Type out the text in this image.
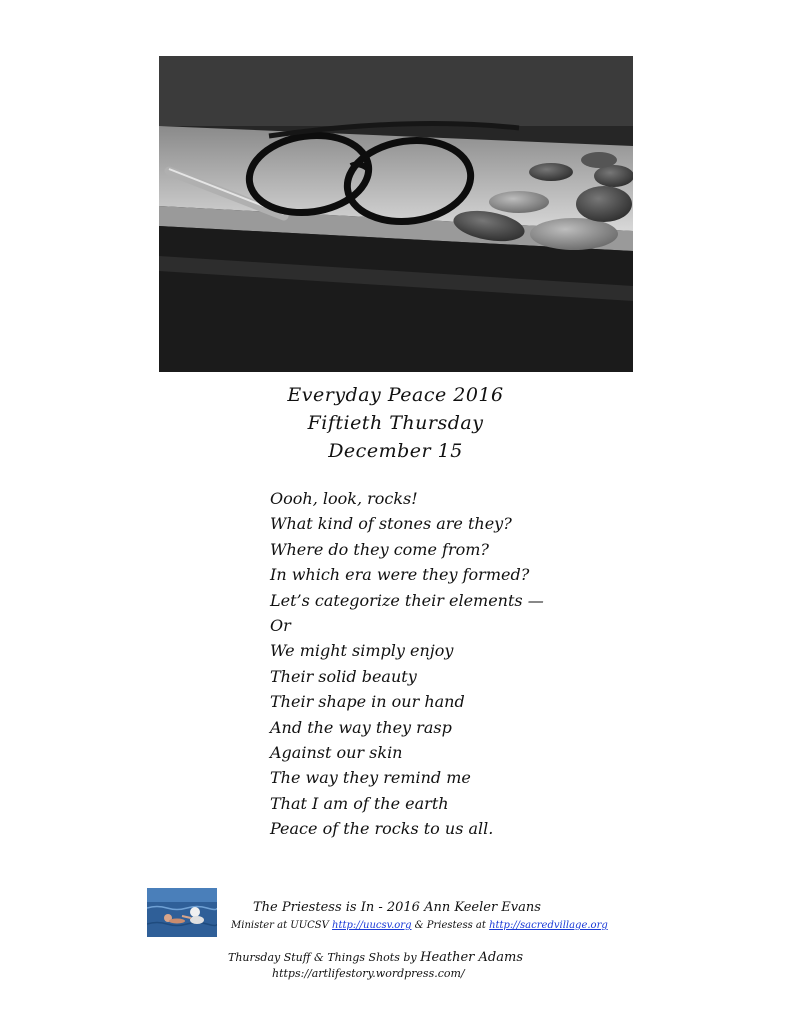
Everyday Peace 2016
Fiftieth Thursday
December 15
Oooh, look, rocks!
What kind of stones are they?
Where do they come from?
In which era were they formed?
Let’s categorize their elements —
Or
We might simply enjoy
Their solid beauty
Their shape in our hand
And the way they rasp
Against our skin
The way they remind me
That I am of the earth
Peace of the rocks to us all.
The Priestess is In - 2016 Ann Keeler Evans
Minister at UUCSV http://uucsv.org & Priestess at http://sacredvillage.org
Thursday Stuff & Things Shots by Heather Adams
https://artlifestory.wordpress.com/
